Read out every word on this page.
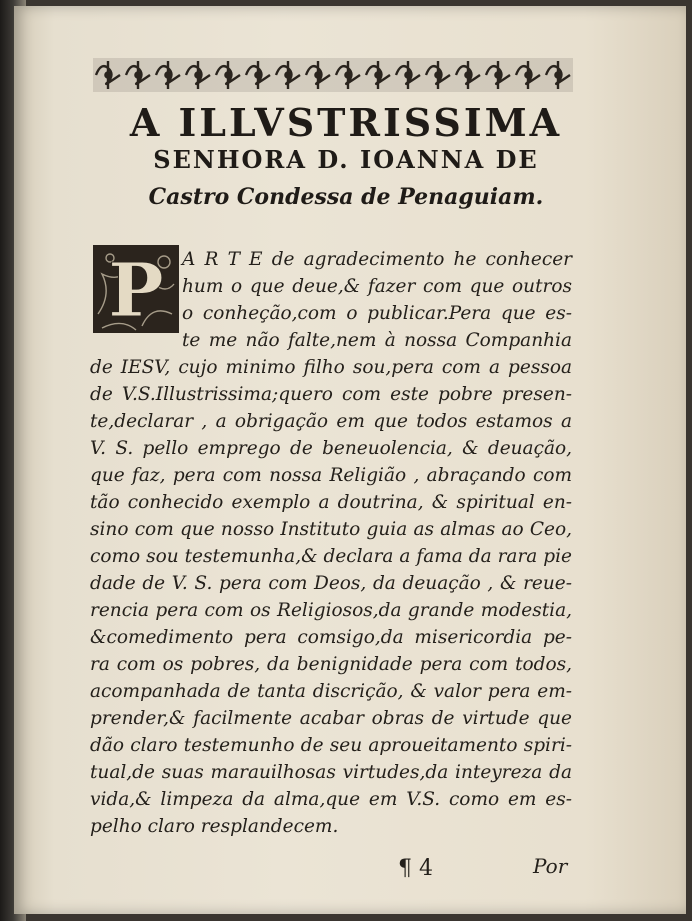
A ILLVSTRISSIMA
SENHORA D. IOANNA DE
Castro Condessa de Penaguiam.
P A R T E de agradecimento he conhecer

hum o que deue,& fazer com que outros

o conheção,com o publicar.Pera que es-

te me não falte,nem à nossa Companhia

de IESV, cujo minimo filho sou,pera com a pessoa

de V.S.Illustrissima;quero com este pobre presen-

te,declarar , a obrigação em que todos estamos a

V. S. pello emprego de beneuolencia, & deuação,

que faz, pera com nossa Religião , abraçando com

tão conhecido exemplo a doutrina, & spiritual en-

sino com que nosso Instituto guia as almas ao Ceo,

como sou testemunha,& declara a fama da rara pie

dade de V. S. pera com Deos, da deuação , & reue-

rencia pera com os Religiosos,da grande modestia,

&comedimento pera comsigo,da misericordia pe-

ra com os pobres, da benignidade pera com todos,

acompanhada de tanta discrição, & valor pera em-

prender,& facilmente acabar obras de virtude que

dão claro testemunho de seu aproueitamento spiri-

tual,de suas marauilhosas virtudes,da inteyreza da

vida,& limpeza da alma,que em V.S. como em es-

pelho claro resplandecem.

¶ 4	Por
